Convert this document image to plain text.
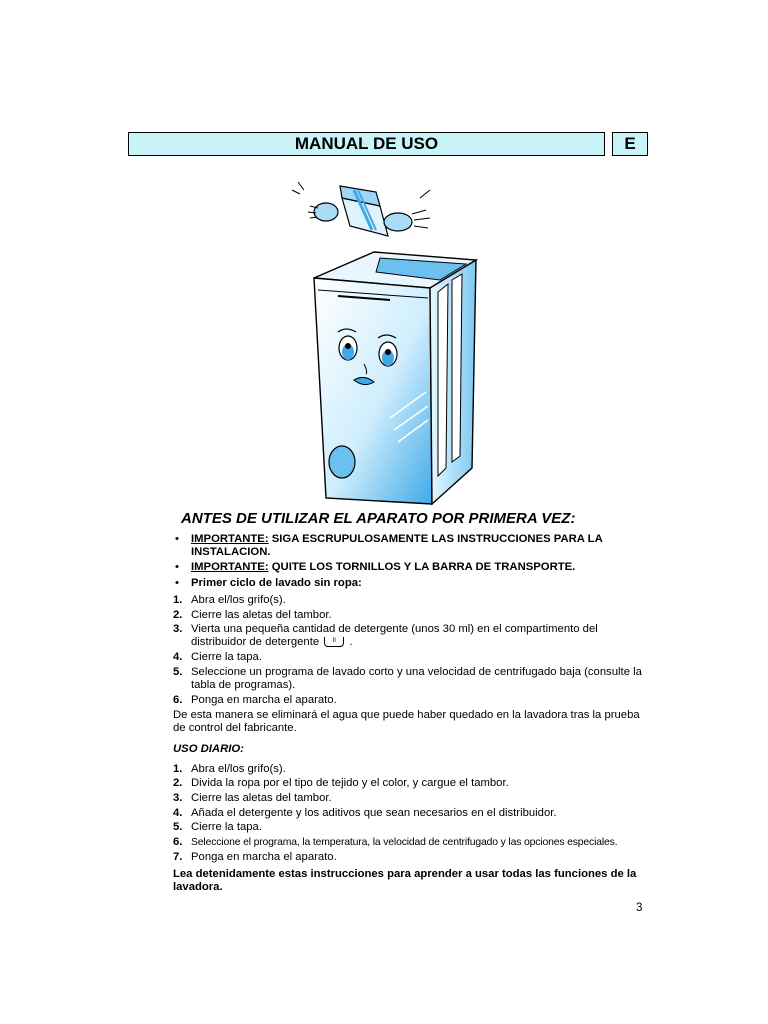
MANUAL DE USO	E
ANTES DE UTILIZAR EL APARATO POR PRIMERA VEZ:
• IMPORTANTE: SIGA ESCRUPULOSAMENTE LAS INSTRUCCIONES PARA LA INSTALACION.
• IMPORTANTE: QUITE LOS TORNILLOS Y LA BARRA DE TRANSPORTE.
• Primer ciclo de lavado sin ropa:
1. Abra el/los grifo(s).
2. Cierre las aletas del tambor.
3. Vierta una pequeña cantidad de detergente (unos 30 ml) en el compartimento del distribuidor de detergente II .
4. Cierre la tapa.
5. Seleccione un programa de lavado corto y una velocidad de centrifugado baja (consulte la tabla de programas).
6. Ponga en marcha el aparato.
De esta manera se eliminará el agua que puede haber quedado en la lavadora tras la prueba de control del fabricante.
USO DIARIO:
1. Abra el/los grifo(s).
2. Divida la ropa por el tipo de tejido y el color, y cargue el tambor.
3. Cierre las aletas del tambor.
4. Añada el detergente y los aditivos que sean necesarios en el distribuidor.
5. Cierre la tapa.
6. Seleccione el programa, la temperatura, la velocidad de centrifugado y las opciones especiales.
7. Ponga en marcha el aparato.
Lea detenidamente estas instrucciones para aprender a usar todas las funciones de la lavadora.
3
